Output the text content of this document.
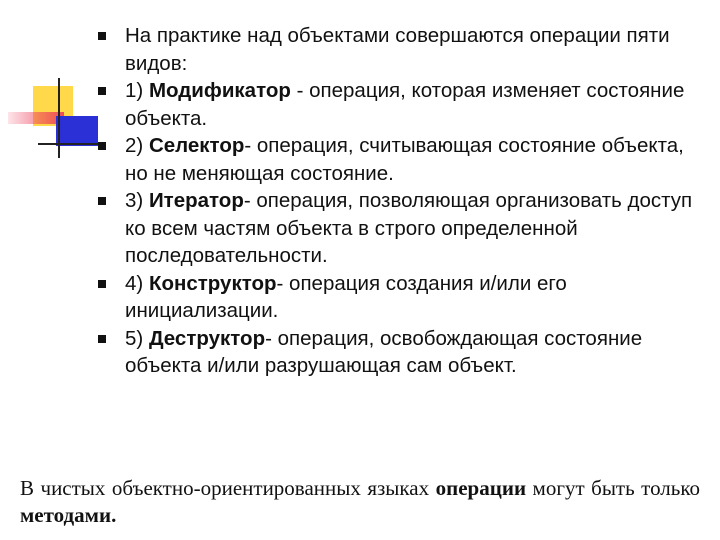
На практике над объектами совершаются операции пяти видов:
1) Модификатор - операция, которая изменяет состояние объекта.
2) Селектор- операция, считывающая состояние объекта, но не меняющая состояние.
3) Итератор- операция, позволяющая организовать доступ ко всем частям объекта в строго определенной последовательности.
4) Конструктор- операция создания и/или его инициализации.
5) Деструктор- операция, освобождающая состояние объекта и/или разрушающая сам объект.

В чистых объектно-ориентированных языках операции могут быть только методами.
